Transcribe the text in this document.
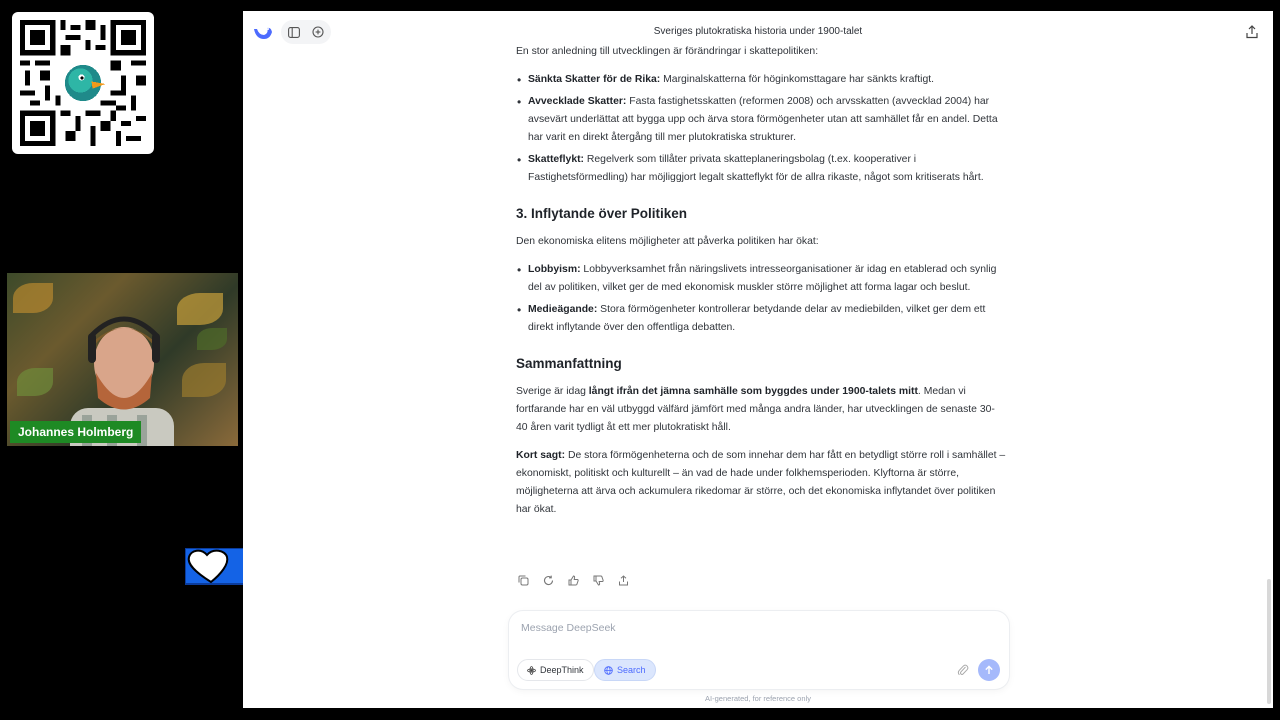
Johannes Holmberg
Sveriges plutokratiska historia under 1900-talet

En stor anledning till utvecklingen är förändringar i skattepolitiken:

• Sänkta Skatter för de Rika: Marginalskatterna för höginkomsttagare har sänkts kraftigt.
• Avvecklade Skatter: Fasta fastighetsskatten (reformen 2008) och arvsskatten (avvecklad 2004) har avsevärt underlättat att bygga upp och ärva stora förmögenheter utan att samhället får en andel. Detta har varit en direkt återgång till mer plutokratiska strukturer.
• Skatteflykt: Regelverk som tillåter privata skatteplaneringsbolag (t.ex. kooperativer i Fastighetsförmedling) har möjliggjort legalt skatteflykt för de allra rikaste, något som kritiserats hårt.
3. Inflytande över Politiken

Den ekonomiska elitens möjligheter att påverka politiken har ökat:

• Lobbyism: Lobbyverksamhet från näringslivets intresseorganisationer är idag en etablerad och synlig del av politiken, vilket ger de med ekonomisk muskler större möjlighet att forma lagar och beslut.
• Medieägande: Stora förmögenheter kontrollerar betydande delar av mediebilden, vilket ger dem ett direkt inflytande över den offentliga debatten.
Sammanfattning

Sverige är idag långt ifrån det jämna samhälle som byggdes under 1900-talets mitt. Medan vi fortfarande har en väl utbyggd välfärd jämfört med många andra länder, har utvecklingen de senaste 30-40 åren varit tydligt åt ett mer plutokratiskt håll.

Kort sagt: De stora förmögenheterna och de som innehar dem har fått en betydligt större roll i samhället – ekonomiskt, politiskt och kulturellt – än vad de hade under folkhemsperioden. Klyftorna är större, möjligheterna att ärva och ackumulera rikedomar är större, och det ekonomiska inflytandet över politiken har ökat.

Message DeepSeek
DeepThink	Search
AI-generated, for reference only
